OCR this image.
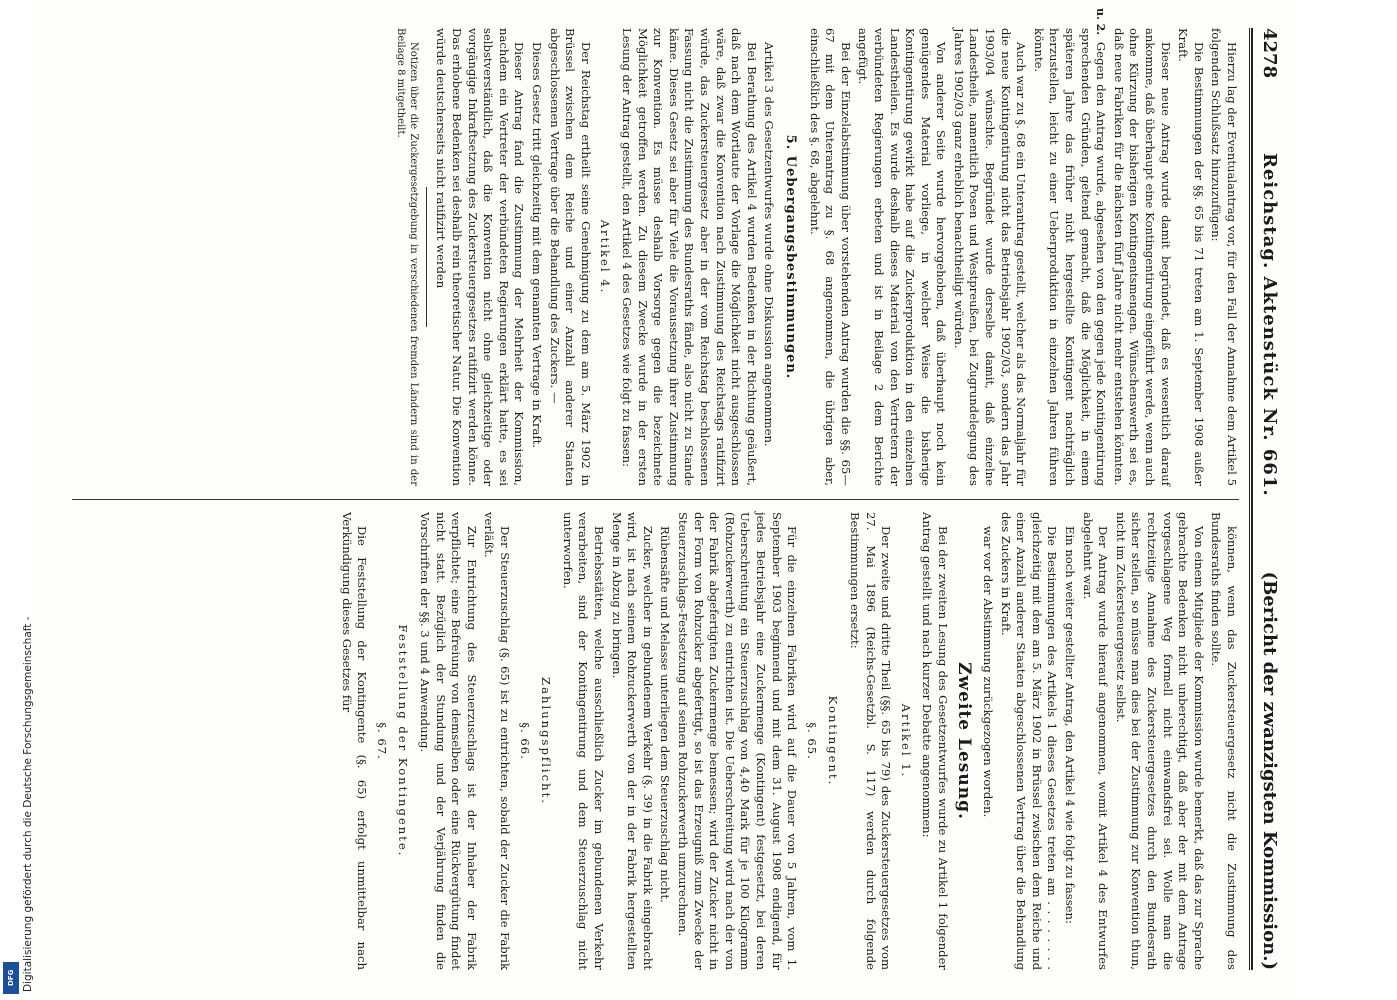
4278
Reichstag. Aktenstück Nr. 661.
(Bericht der zwanzigsten Kommission.)

Hierzu lag der Eventualantrag vor, für den Fall der Annahme dem Artikel 5 folgenden Schlußsatz hinzuzufügen:

Die Bestimmungen der §§. 65 bis 71 treten am 1. September 1908 außer Kraft.

Dieser neue Antrag wurde damit begründet, daß es wesentlich darauf ankomme, daß überhaupt eine Kontingentirung eingeführt werde, wenn auch ohne Kürzung der bisherigen Kontingentsmengen. Wünschenswerth sei es, daß neue Fabriken für die nächsten fünf Jahre nicht mehr entstehen könnten.

Gegen den Antrag wurde, abgesehen von den gegen jede Kontingentirung sprechenden Gründen, geltend gemacht, daß die Möglichkeit, in einem späteren Jahre das früher nicht hergestellte Kontingent nachträglich herzustellen, leicht zu einer Ueberproduktion in einzelnen Jahren führen könnte.

Auch war zu §. 68 ein Unterantrag gestellt, welcher als das Normaljahr für die neue Kontingentirung nicht das Betriebsjahr 1902/03, sondern das Jahr 1903/04 wünschte. Begründet wurde derselbe damit, daß einzelne Landestheile, namentlich Posen und Westpreußen, bei Zugrundelegung des Jahres 1902/03 ganz erheblich benachtheiligt würden.

Von anderer Seite wurde hervorgehoben, daß überhaupt noch kein genügendes Material vorliege, in welcher Weise die bisherige Kontingentirung gewirkt habe auf die Zuckerproduktion in den einzelnen Landestheilen. Es wurde deshalb dieses Material von den Vertretern der verbündeten Regierungen erbeten und ist in Beilage 2 dem Berichte angefügt.

Bei der Einzelabstimmung über vorstehenden Antrag wurden die §§. 65—67 mit dem Unterantrag zu §. 68 angenommen, die übrigen aber, einschließlich des §. 68, abgelehnt.

5. Uebergangsbestimmungen.

Artikel 3 des Gesetzentwurfes wurde ohne Diskussion angenommen.

Bei Berathung des Artikel 4 wurden Bedenken in der Richtung geäußert, daß nach dem Wortlaute der Vorlage die Möglichkeit nicht ausgeschlossen wäre, daß zwar die Konvention nach Zustimmung des Reichstags ratifizirt würde, das Zuckersteuergesetz aber in der vom Reichstag beschlossenen Fassung nicht die Zustimmung des Bundesraths fände, also nicht zu Stande käme. Dieses Gesetz sei aber für Viele die Voraussetzung ihrer Zustimmung zur Konvention. Es müsse deshalb Vorsorge gegen die bezeichnete Möglichkeit getroffen werden. Zu diesem Zwecke wurde in der ersten Lesung der Antrag gestellt, den Artikel 4 des Gesetzes wie folgt zu fassen:

Artikel 4.

Der Reichstag ertheilt seine Genehmigung zu dem am 5. März 1902 in Brüssel zwischen dem Reiche und einer Anzahl anderer Staaten abgeschlossenen Vertrage über die Behandlung des Zuckers. —

Dieses Gesetz tritt gleichzeitig mit dem genannten Vertrage in Kraft.

Dieser Antrag fand die Zustimmung der Mehrheit der Kommission, nachdem ein Vertreter der verbündeten Regierungen erklärt hatte, es sei selbstverständlich, daß die Konvention nicht ohne gleichzeitige oder vorgängige Inkraftsetzung des Zuckersteuergesetzes ratifizirt werden könne. Das erhobene Bedenken sei deshalb rein theoretischer Natur. Die Konvention würde deutscherseits nicht ratifizirt werden

Notizen über die Zuckergesetzgebung in verschiedenen fremden Ländern sind in der Beilage 8 mitgetheilt.

u. 2.

können, wenn das Zuckersteuergesetz nicht die Zustimmung des Bundesraths finden sollte.

Von einem Mitgliede der Kommission wurde bemerkt, daß das zur Sprache gebrachte Bedenken nicht unberechtigt, daß aber der mit dem Antrage vorgeschlagene Weg formell nicht einwandsfrei sei. Wolle man die rechtzeitige Annahme des Zuckersteuergesetzes durch den Bundesrath sicher stellen, so müsse man dies bei der Zustimmung zur Konvention thun, nicht im Zuckersteuergesetz selbst.

Der Antrag wurde hierauf angenommen, womit Artikel 4 des Entwurfes abgelehnt war.

Ein noch weiter gestellter Antrag, den Artikel 4 wie folgt zu fassen:

Die Bestimmungen des Artikels 1 dieses Gesetzes treten am . . . . . . . . gleichzeitig mit dem am 5. März 1902 in Brüssel zwischen dem Reiche und einer Anzahl anderer Staaten abgeschlossenen Vertrag über die Behandlung des Zuckers in Kraft.

war vor der Abstimmung zurückgezogen worden.

Zweite Lesung.

Bei der zweiten Lesung des Gesetzentwurfes wurde zu Artikel 1 folgender Antrag gestellt und nach kurzer Debatte angenommen:

Artikel 1.

Der zweite und dritte Theil (§§. 65 bis 79) des Zuckersteuergesetzes vom 27. Mai 1896 (Reichs-Gesetzbl. S. 117) werden durch folgende Bestimmungen ersetzt:

Kontingent.

§. 65.

Für die einzelnen Fabriken wird auf die Dauer von 5 Jahren, vom 1. September 1903 beginnend und mit dem 31. August 1908 endigend, für jedes Betriebsjahr eine Zuckermenge (Kontingent) festgesetzt, bei deren Ueberschreitung ein Steuerzuschlag von 4,40 Mark für je 100 Kilogramm (Rohzuckerwerth) zu entrichten ist. Die Ueberschreitung wird nach der von der Fabrik abgefertigten Zuckermenge bemessen; wird der Zucker nicht in der Form von Rohzucker abgefertigt, so ist das Erzeugniß zum Zwecke der Steuerzuschlags-Festsetzung auf seinen Rohzuckerwerth umzurechnen.

Rübensäfte und Melasse unterliegen dem Steuerzuschlag nicht.

Zucker, welcher in gebundenem Verkehr (§. 39) in die Fabrik eingebracht wird, ist nach seinem Rohzuckerwerth von der in der Fabrik hergestellten Menge in Abzug zu bringen.

Betriebsstätten, welche ausschließlich Zucker im gebundenen Verkehr verarbeiten, sind der Kontingentirung und dem Steuerzuschlag nicht unterworfen.

Zahlungspflicht.

§. 66.

Der Steuerzuschlag (§. 65) ist zu entrichten, sobald der Zucker die Fabrik verläßt.

Zur Entrichtung des Steuerzuschlags ist der Inhaber der Fabrik verpflichtet; eine Befreiung von demselben oder eine Rückvergütung findet nicht statt. Bezüglich der Stundung und der Verjährung finden die Vorschriften der §§. 3 und 4 Anwendung.

Feststellung der Kontingente.

§. 67.

Die Feststellung der Kontingente (§. 65) erfolgt unmittelbar nach Verkündigung dieses Gesetzes für

Digitalisierung gefördert durch die Deutsche Forschungsgemeinschaft -
DFG
